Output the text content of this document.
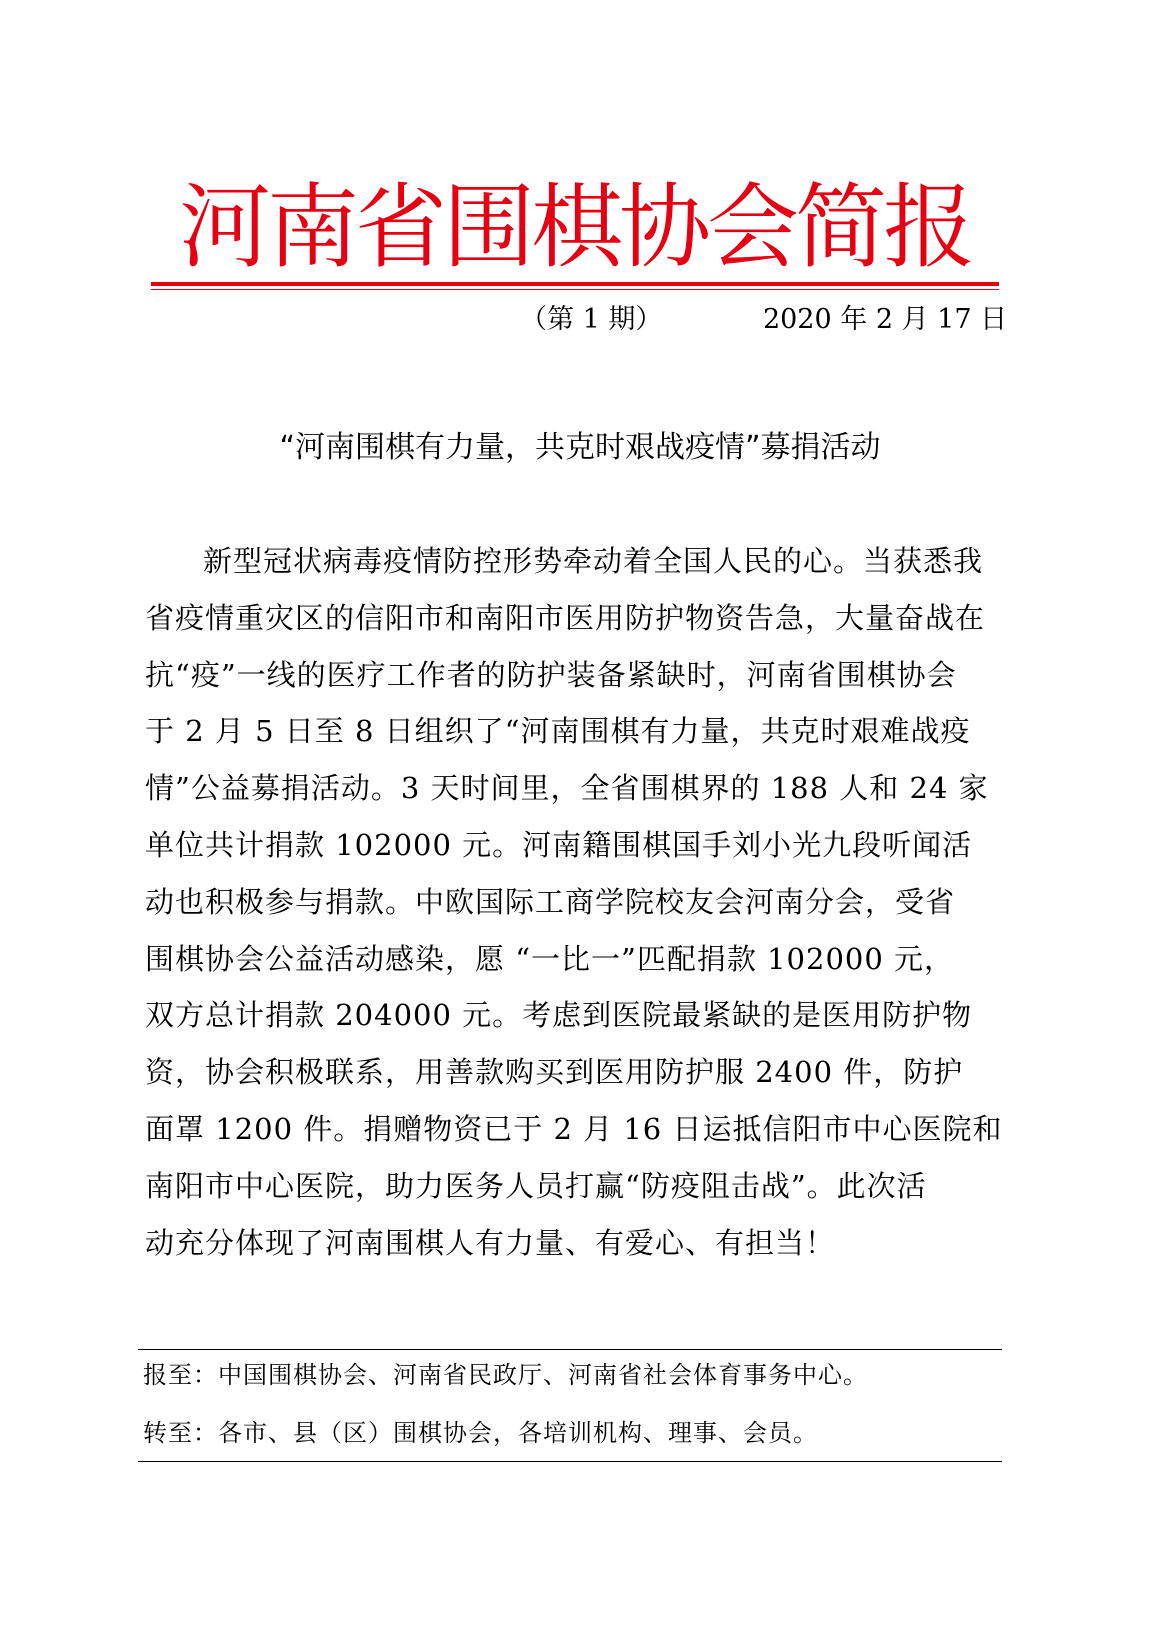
河南省围棋协会简报
（第 1 期）	2020 年 2 月 17 日
“河南围棋有力量，共克时艰战疫情”募捐活动
新型冠状病毒疫情防控形势牵动着全国人民的心。当获悉我
省疫情重灾区的信阳市和南阳市医用防护物资告急，大量奋战在
抗“疫”一线的医疗工作者的防护装备紧缺时，河南省围棋协会
于 2 月 5 日至 8 日组织了“河南围棋有力量，共克时艰难战疫
情”公益募捐活动。3 天时间里，全省围棋界的 188 人和 24 家
单位共计捐款 102000 元。河南籍围棋国手刘小光九段听闻活
动也积极参与捐款。中欧国际工商学院校友会河南分会，受省
围棋协会公益活动感染，愿 “一比一”匹配捐款 102000 元，
双方总计捐款 204000 元。考虑到医院最紧缺的是医用防护物
资，协会积极联系，用善款购买到医用防护服 2400 件，防护
面罩 1200 件。捐赠物资已于 2 月 16 日运抵信阳市中心医院和
南阳市中心医院，助力医务人员打赢“防疫阻击战”。此次活
动充分体现了河南围棋人有力量、有爱心、有担当！
报至：中国围棋协会、河南省民政厅、河南省社会体育事务中心。
转至：各市、县（区）围棋协会，各培训机构、理事、会员。
